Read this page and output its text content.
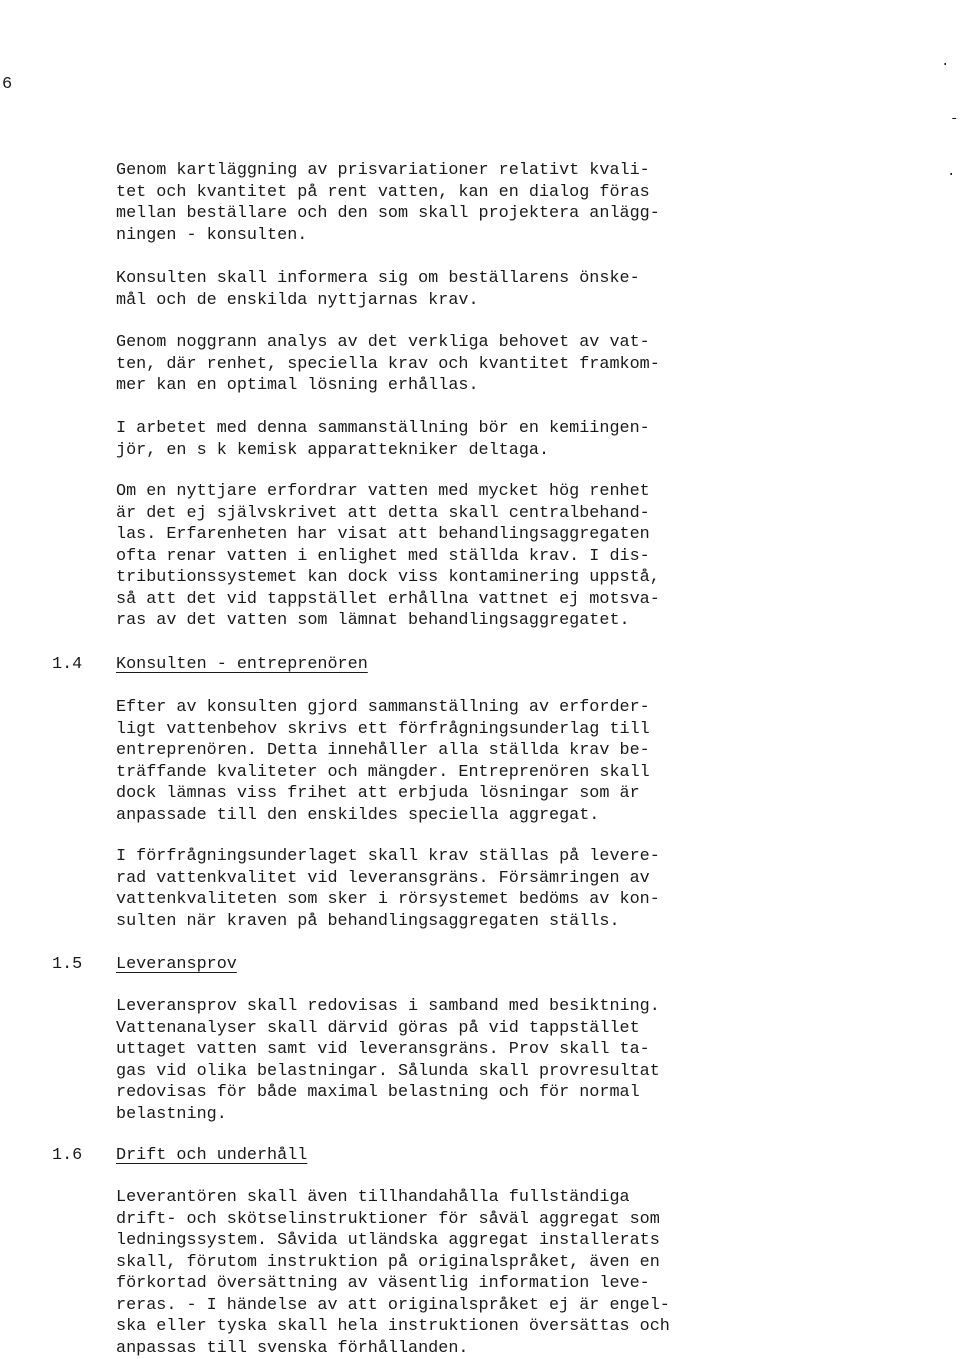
6
·
-
·
Genom kartläggning av prisvariationer relativt kvali-
tet och kvantitet på rent vatten, kan en dialog föras
mellan beställare och den som skall projektera anlägg-
ningen - konsulten.
Konsulten skall informera sig om beställarens önske-
mål och de enskilda nyttjarnas krav.
Genom noggrann analys av det verkliga behovet av vat-
ten, där renhet, speciella krav och kvantitet framkom-
mer kan en optimal lösning erhållas.
I arbetet med denna sammanställning bör en kemiingen-
jör, en s k kemisk apparattekniker deltaga.
Om en nyttjare erfordrar vatten med mycket hög renhet
är det ej självskrivet att detta skall centralbehand-
las. Erfarenheten har visat att behandlingsaggregaten
ofta renar vatten i enlighet med ställda krav. I dis-
tributionssystemet kan dock viss kontaminering uppstå,
så att det vid tappstället erhållna vattnet ej motsva-
ras av det vatten som lämnat behandlingsaggregatet.
1.4 Konsulten - entreprenören
Efter av konsulten gjord sammanställning av erforder-
ligt vattenbehov skrivs ett förfrågningsunderlag till
entreprenören. Detta innehåller alla ställda krav be-
träffande kvaliteter och mängder. Entreprenören skall
dock lämnas viss frihet att erbjuda lösningar som är
anpassade till den enskildes speciella aggregat.
I förfrågningsunderlaget skall krav ställas på levere-
rad vattenkvalitet vid leveransgräns. Försämringen av
vattenkvaliteten som sker i rörsystemet bedöms av kon-
sulten när kraven på behandlingsaggregaten ställs.
1.5 Leveransprov
Leveransprov skall redovisas i samband med besiktning.
Vattenanalyser skall därvid göras på vid tappstället
uttaget vatten samt vid leveransgräns. Prov skall ta-
gas vid olika belastningar. Sålunda skall provresultat
redovisas för både maximal belastning och för normal
belastning.
1.6 Drift och underhåll
Leverantören skall även tillhandahålla fullständiga
drift- och skötselinstruktioner för såväl aggregat som
ledningssystem. Såvida utländska aggregat installerats
skall, förutom instruktion på originalspråket, även en
förkortad översättning av väsentlig information leve-
reras. - I händelse av att originalspråket ej är engel-
ska eller tyska skall hela instruktionen översättas och
anpassas till svenska förhållanden.
